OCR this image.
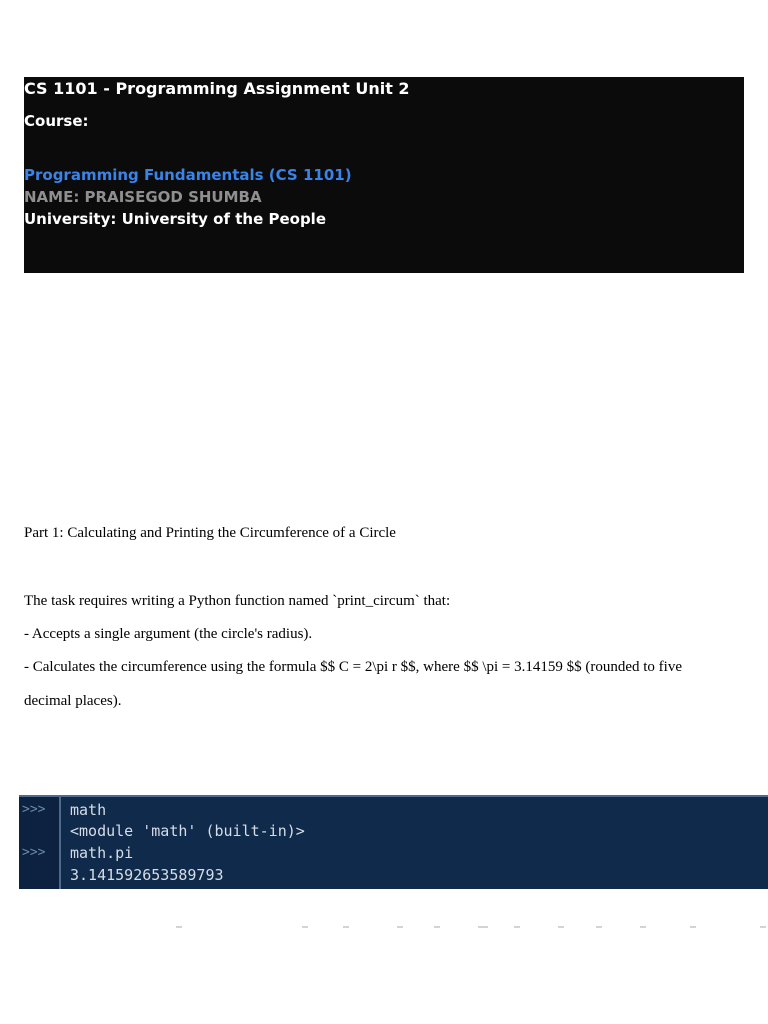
CS 1101 - Programming Assignment Unit 2
Course:
Programming Fundamentals (CS 1101)
NAME: PRAISEGOD SHUMBA
University: University of the People
Part 1: Calculating and Printing the Circumference of a Circle
The task requires writing a Python function named `print_circum` that:
- Accepts a single argument (the circle's radius).
- Calculates the circumference using the formula $$ C = 2\pi r $$, where $$ \pi = 3.14159 $$ (rounded to five
decimal places).
>>> math
<module 'math' (built-in)>
>>> math.pi
3.141592653589793
